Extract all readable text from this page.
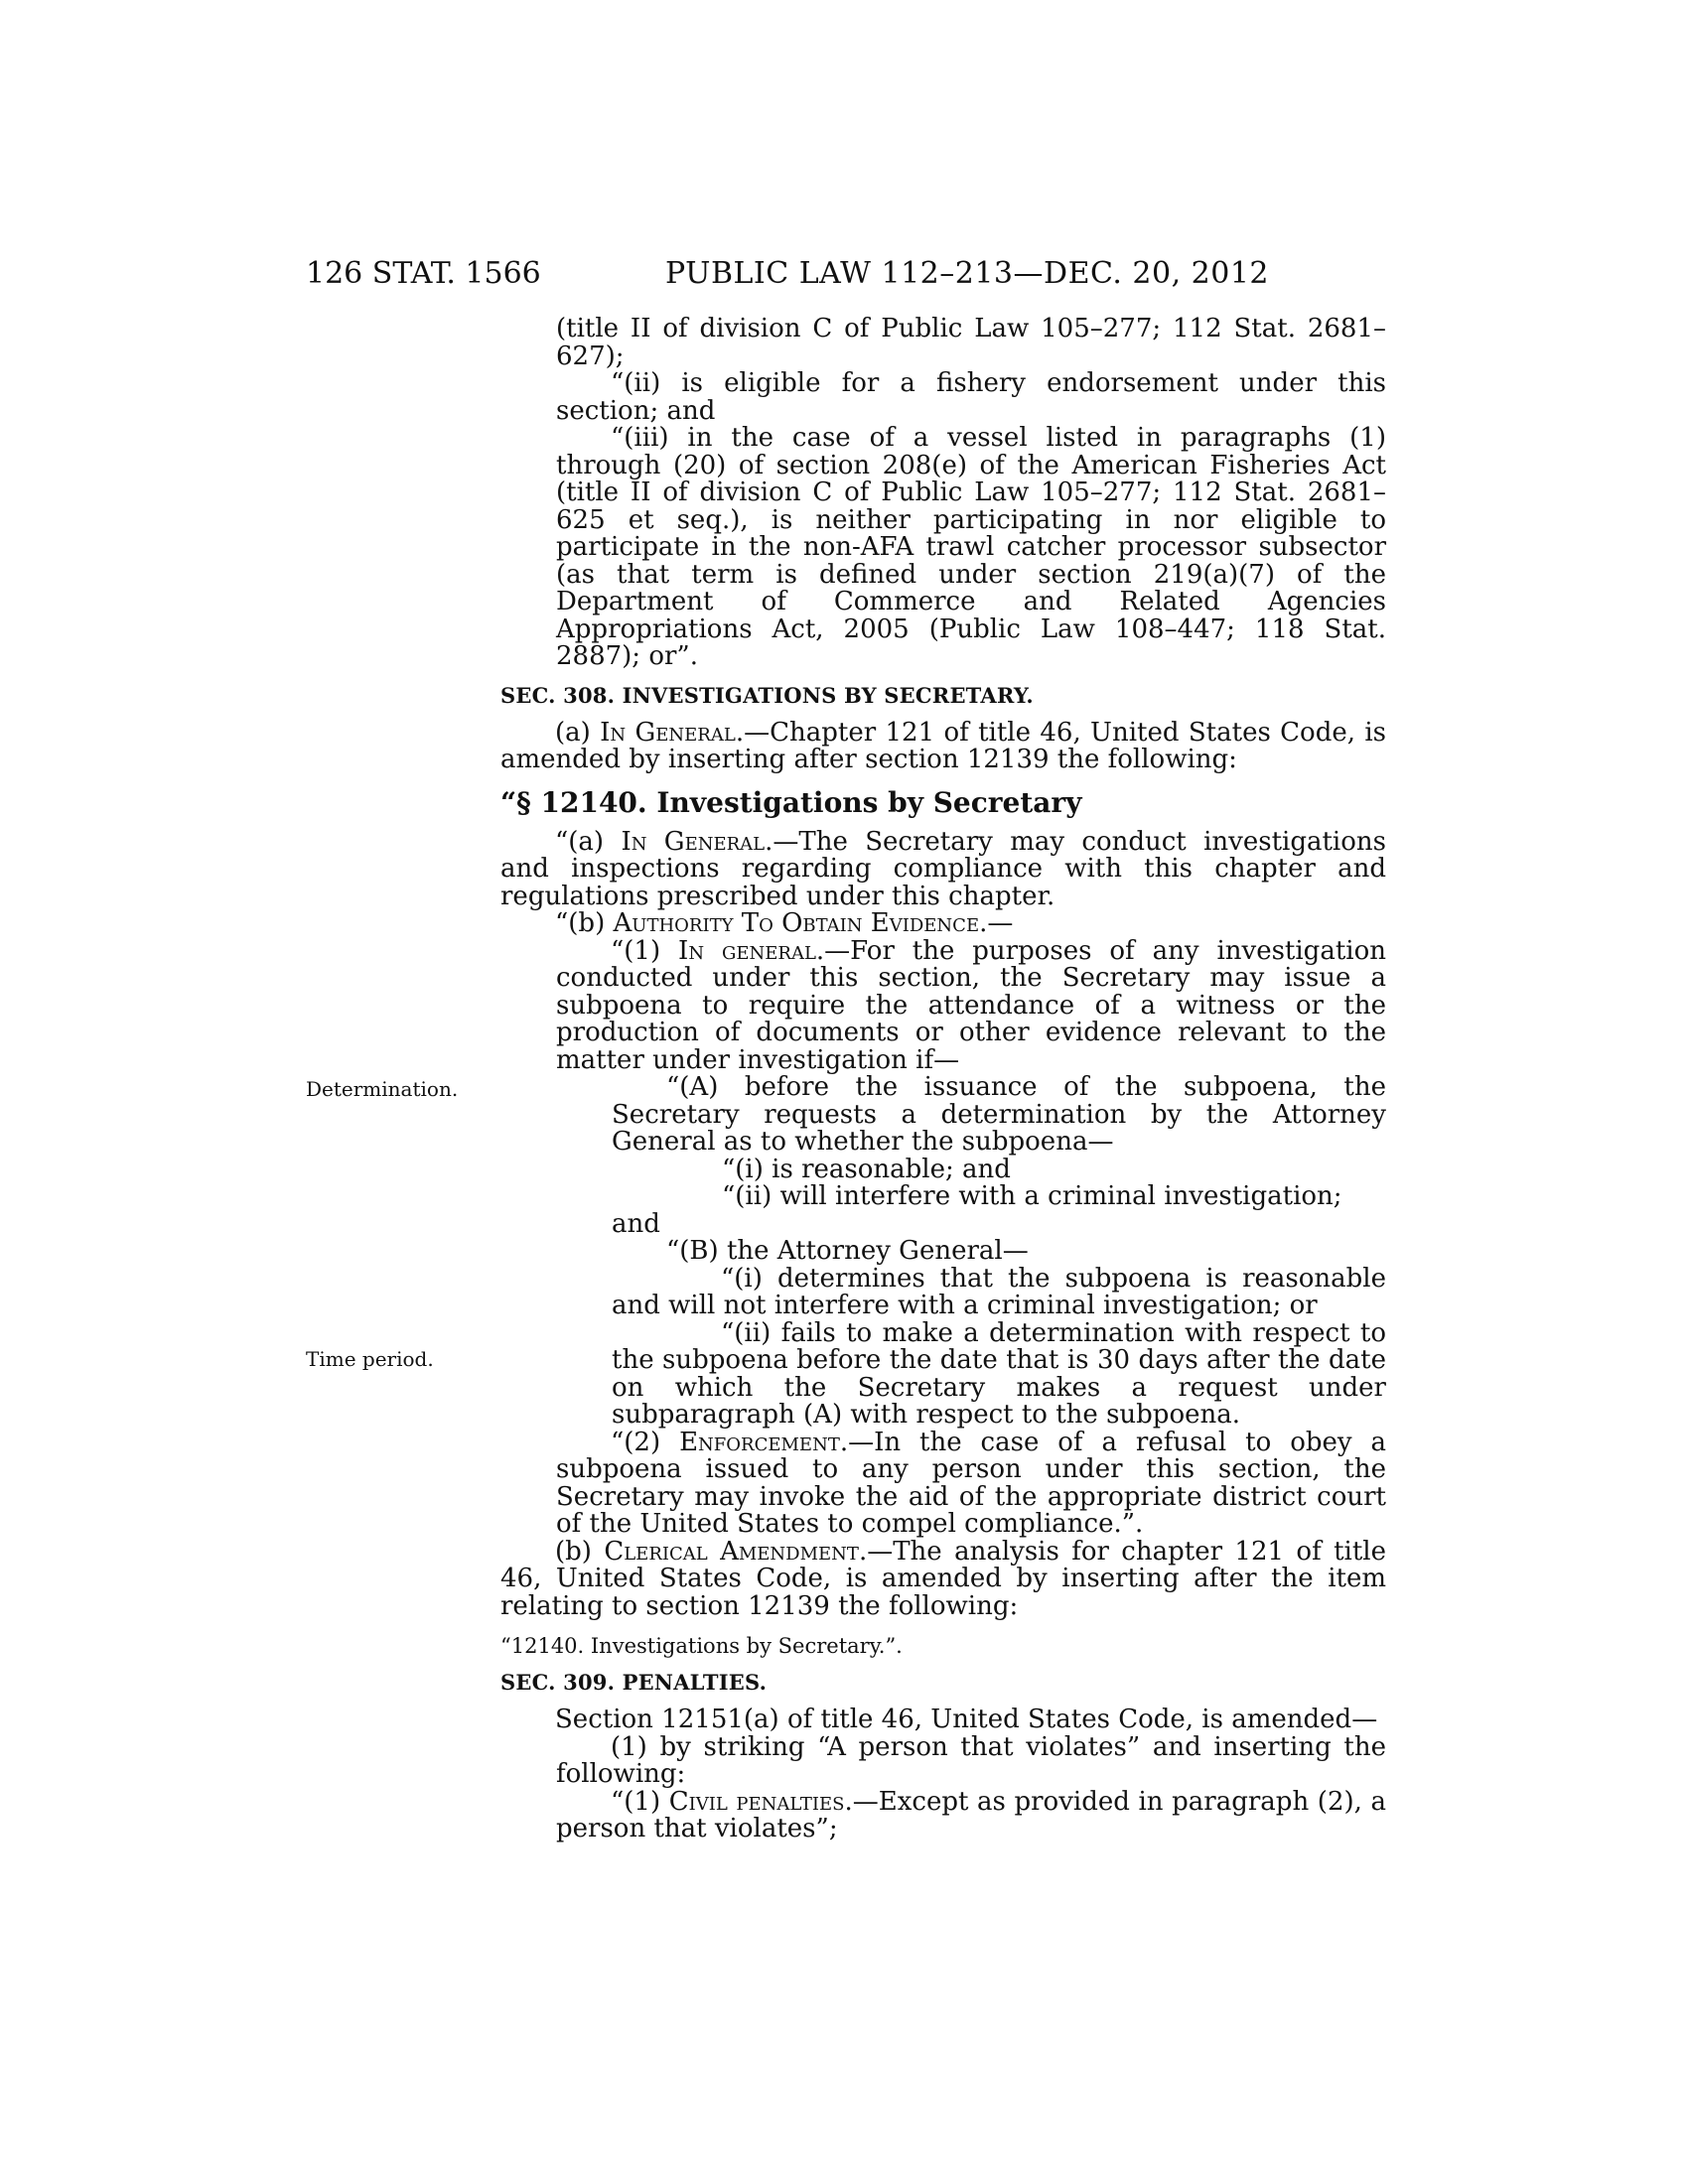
126 STAT. 1566	PUBLIC LAW 112–213—DEC. 20, 2012
Determination.
Time period.

(title II of division C of Public Law 105–277; 112 Stat. 2681–627);

“(ii) is eligible for a fishery endorsement under this section; and

“(iii) in the case of a vessel listed in paragraphs (1) through (20) of section 208(e) of the American Fisheries Act (title II of division C of Public Law 105–277; 112 Stat. 2681–625 et seq.), is neither participating in nor eligible to participate in the non-AFA trawl catcher processor subsector (as that term is defined under section 219(a)(7) of the Department of Commerce and Related Agencies Appropriations Act, 2005 (Public Law 108–447; 118 Stat. 2887); or”.

SEC. 308. INVESTIGATIONS BY SECRETARY.

(a) In General.—Chapter 121 of title 46, United States Code, is amended by inserting after section 12139 the following:

“§ 12140. Investigations by Secretary

“(a) In General.—The Secretary may conduct investigations and inspections regarding compliance with this chapter and regulations prescribed under this chapter.

“(b) Authority To Obtain Evidence.—

“(1) In general.—For the purposes of any investigation conducted under this section, the Secretary may issue a subpoena to require the attendance of a witness or the production of documents or other evidence relevant to the matter under investigation if—

“(A) before the issuance of the subpoena, the Secretary requests a determination by the Attorney General as to whether the subpoena—

“(i) is reasonable; and

“(ii) will interfere with a criminal investigation;

and

“(B) the Attorney General—

“(i) determines that the subpoena is reasonable and will not interfere with a criminal investigation; or

“(ii) fails to make a determination with respect to the subpoena before the date that is 30 days after the date on which the Secretary makes a request under subparagraph (A) with respect to the subpoena.

“(2) Enforcement.—In the case of a refusal to obey a subpoena issued to any person under this section, the Secretary may invoke the aid of the appropriate district court of the United States to compel compliance.”.

(b) Clerical Amendment.—The analysis for chapter 121 of title 46, United States Code, is amended by inserting after the item relating to section 12139 the following:

“12140. Investigations by Secretary.”.
SEC. 309. PENALTIES.

Section 12151(a) of title 46, United States Code, is amended—

(1) by striking “A person that violates” and inserting the following:

“(1) Civil penalties.—Except as provided in paragraph (2), a person that violates”;
